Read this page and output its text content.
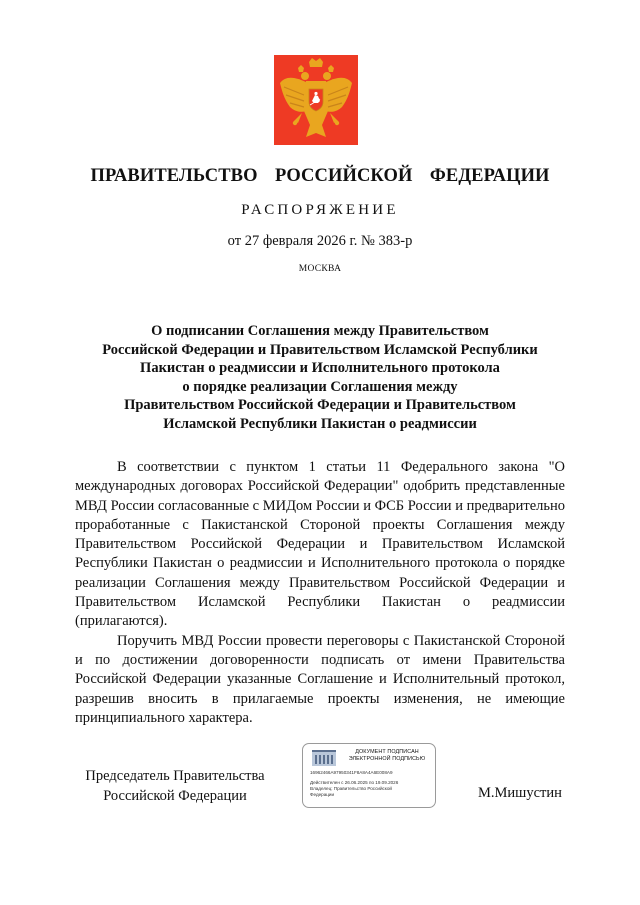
ПРАВИТЕЛЬСТВО  РОССИЙСКОЙ  ФЕДЕРАЦИИ
РАСПОРЯЖЕНИЕ
от 27 февраля 2026 г. № 383-р
МОСКВА
О подписании Соглашения между Правительством
Российской Федерации и Правительством Исламской Республики
Пакистан о реадмиссии и Исполнительного протокола
о порядке реализации Соглашения между
Правительством Российской Федерации и Правительством
Исламской Республики Пакистан о реадмиссии

В соответствии с пунктом 1 статьи 11 Федерального закона "О международных договорах Российской Федерации" одобрить представленные МВД России согласованные с МИДом России и ФСБ России и предварительно проработанные с Пакистанской Стороной проекты Соглашения между Правительством Российской Федерации и Правительством Исламской Республики Пакистан о реадмиссии и Исполнительного протокола о порядке реализации Соглашения между Правительством Российской Федерации и Правительством Исламской Республики Пакистан о реадмиссии (прилагаются).

Поручить МВД России провести переговоры с Пакистанской Стороной и по достижении договоренности подписать от имени Правительства Российской Федерации указанные Соглашение и Исполнительный протокол, разрешив вносить в прилагаемые проекты изменения, не имеющие принципиального характера.

Председатель Правительства
Российской Федерации
ДОКУМЕНТ ПОДПИСАН
ЭЛЕКТРОННОЙ ПОДПИСЬЮ
16962466A97950341F8A8A4A6E008A9
Действителен с 26.06.2025 по 19.09.2026
Владелец: Правительство Российской
Федерации	М.Мишустин
